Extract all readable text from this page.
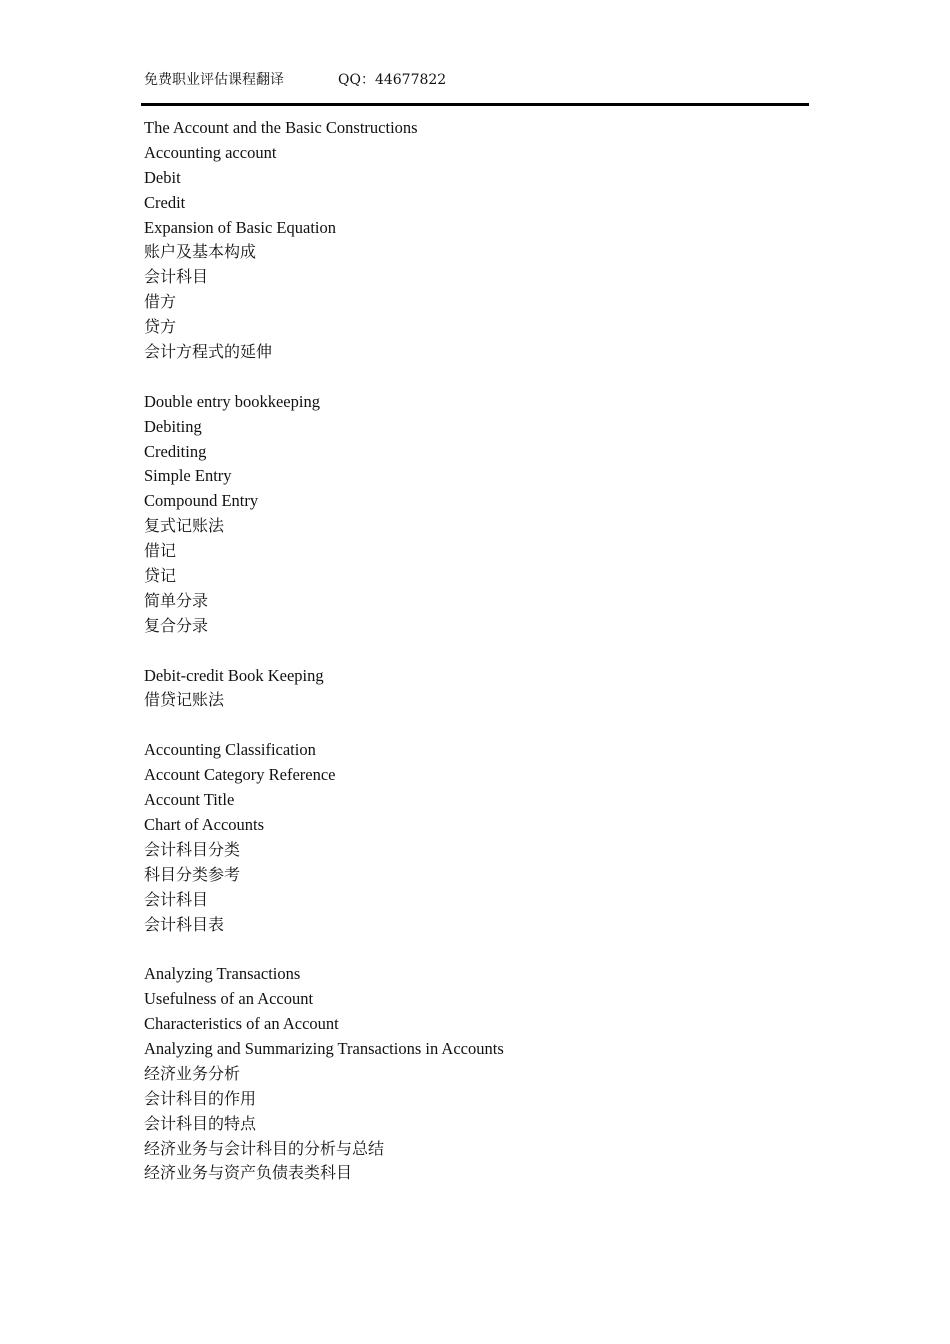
免费职业评估课程翻译	QQ：44677822
The Account and the Basic Constructions
Accounting account
Debit
Credit
Expansion of Basic Equation
账户及基本构成
会计科目
借方
贷方
会计方程式的延伸
Double entry bookkeeping
Debiting
Crediting
Simple Entry
Compound Entry
复式记账法
借记
贷记
简单分录
复合分录
Debit-credit Book Keeping
借贷记账法
Accounting Classification
Account Category Reference
Account Title
Chart of Accounts
会计科目分类
科目分类参考
会计科目
会计科目表
Analyzing Transactions
Usefulness of an Account
Characteristics of an Account
Analyzing and Summarizing Transactions in Accounts
经济业务分析
会计科目的作用
会计科目的特点
经济业务与会计科目的分析与总结
经济业务与资产负债表类科目
